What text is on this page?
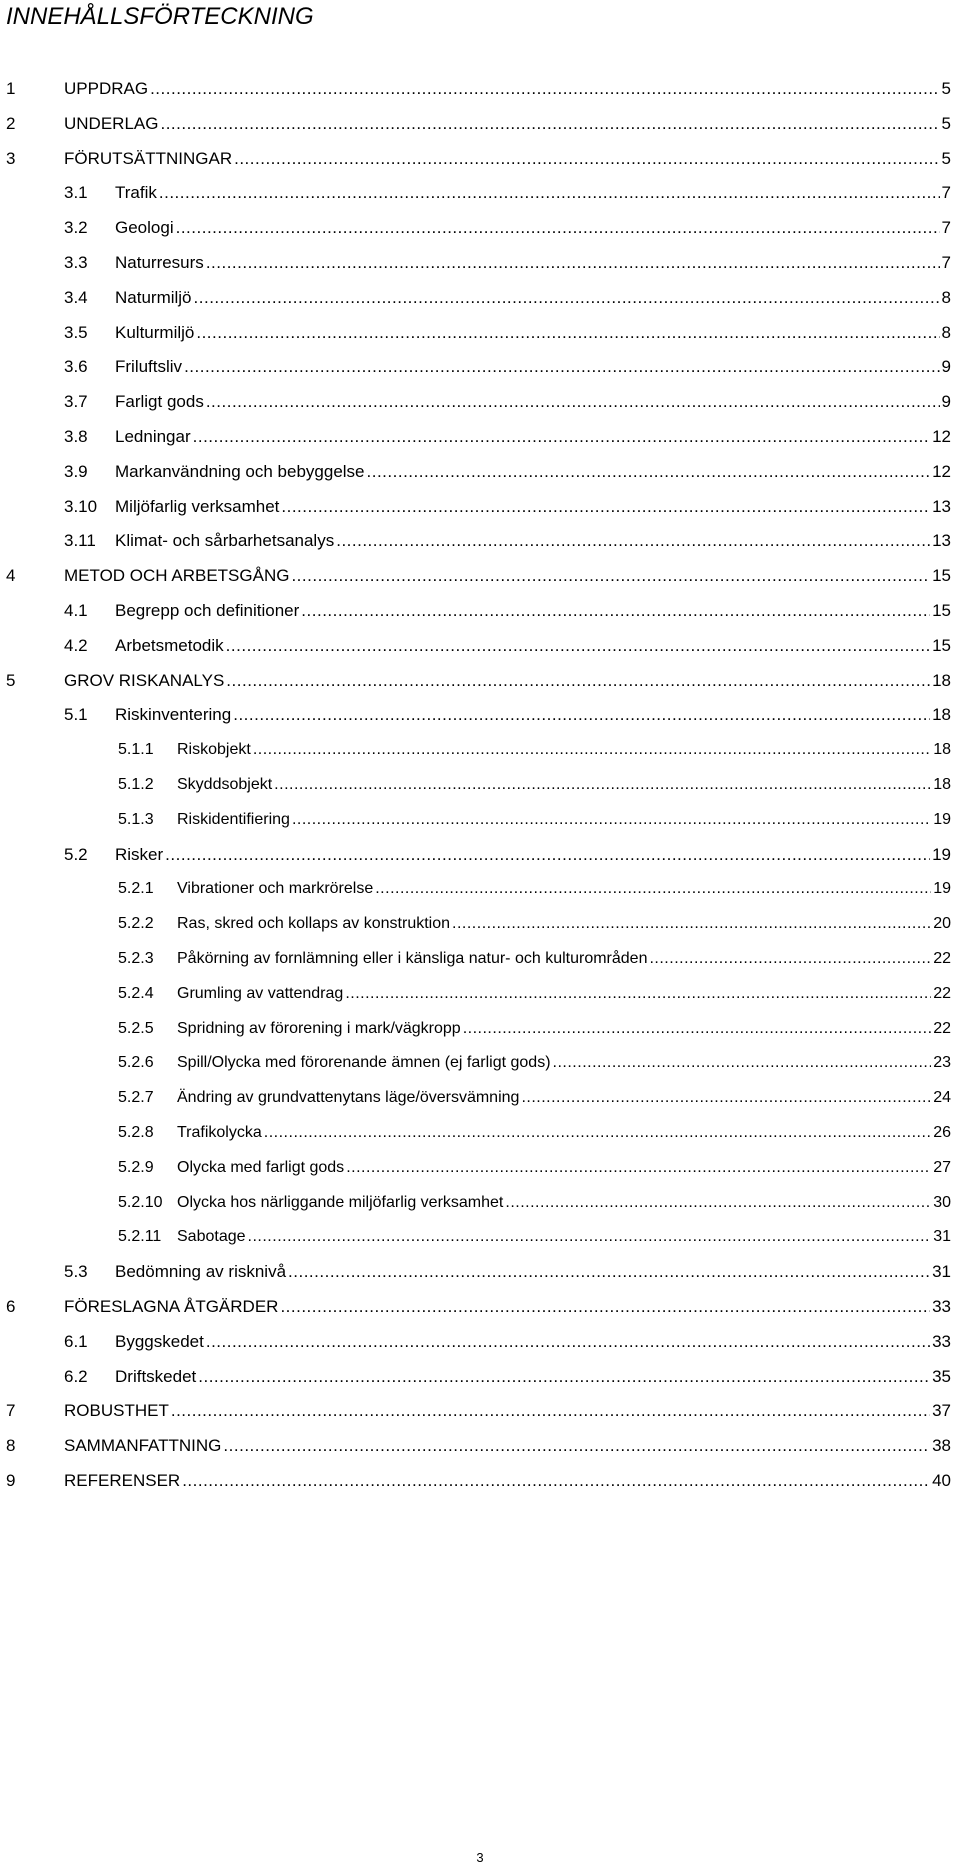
INNEHÅLLSFÖRTECKNING
1	UPPDRAG .....	5
2	UNDERLAG .....	5
3	FÖRUTSÄTTNINGAR .....	5
3.1	Trafik .....	7
3.2	Geologi .....	7
3.3	Naturresurs .....	7
3.4	Naturmiljö .....	8
3.5	Kulturmiljö .....	8
3.6	Friluftsliv .....	9
3.7	Farligt gods .....	9
3.8	Ledningar .....	12
3.9	Markanvändning och bebyggelse .....	12
3.10	Miljöfarlig verksamhet .....	13
3.11	Klimat- och sårbarhetsanalys .....	13
4	METOD OCH ARBETSGÅNG .....	15
4.1	Begrepp och definitioner .....	15
4.2	Arbetsmetodik .....	15
5	GROV RISKANALYS .....	18
5.1	Riskinventering .....	18
5.1.1	Riskobjekt .....	18
5.1.2	Skyddsobjekt .....	18
5.1.3	Riskidentifiering .....	19
5.2	Risker .....	19
5.2.1	Vibrationer och markrörelse .....	19
5.2.2	Ras, skred och kollaps av konstruktion .....	20
5.2.3	Påkörning av fornlämning eller i känsliga natur- och kulturområden .....	22
5.2.4	Grumling av vattendrag .....	22
5.2.5	Spridning av förorening i mark/vägkropp .....	22
5.2.6	Spill/Olycka med förorenande ämnen (ej farligt gods) .....	23
5.2.7	Ändring av grundvattenytans läge/översvämning .....	24
5.2.8	Trafikolycka .....	26
5.2.9	Olycka med farligt gods .....	27
5.2.10 Olycka hos närliggande miljöfarlig verksamhet .....	30
5.2.11 Sabotage .....	31
5.3	Bedömning av risknivå .....	31
6	FÖRESLAGNA ÅTGÄRDER .....	33
6.1	Byggskedet .....	33
6.2	Driftskedet .....	35
7	ROBUSTHET .....	37
8	SAMMANFATTNING .....	38
9	REFERENSER .....	40
3
